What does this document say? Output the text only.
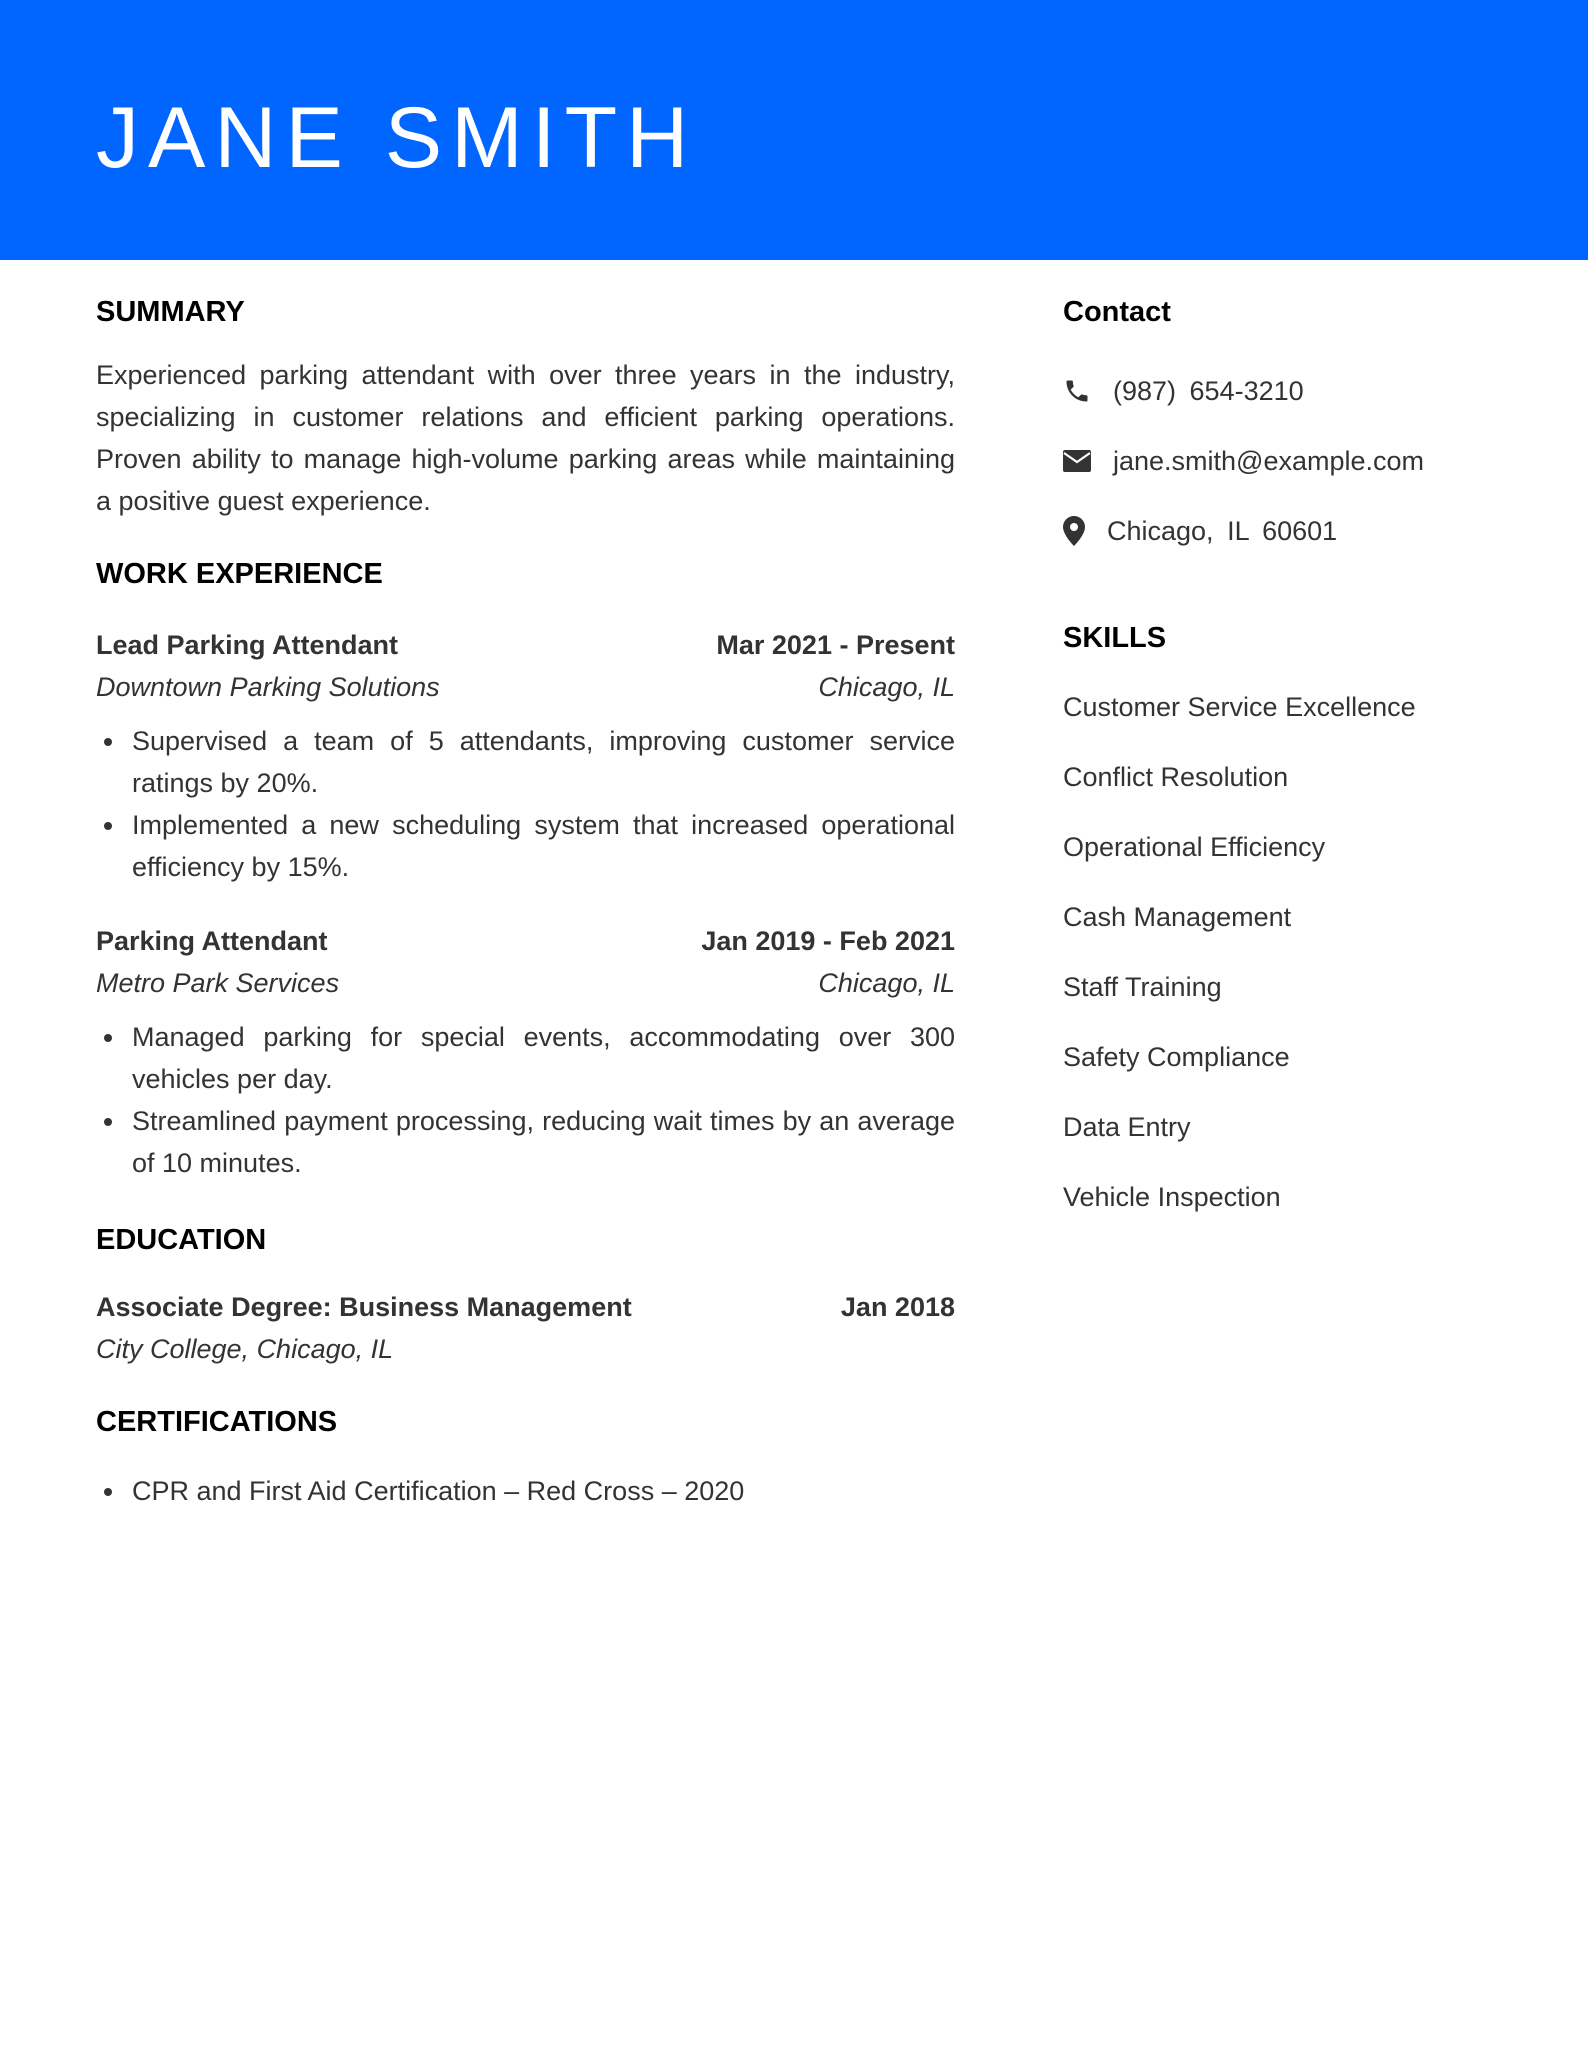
JANE SMITH
SUMMARY

Experienced parking attendant with over three years in the industry, specializing in customer relations and efficient parking operations. Proven ability to manage high-volume parking areas while maintaining a positive guest experience.

WORK EXPERIENCE
Lead Parking Attendant	Mar 2021 - Present
Downtown Parking Solutions	Chicago, IL
Supervised a team of 5 attendants, improving customer service ratings by 20%.
Implemented a new scheduling system that increased operational efficiency by 15%.
Parking Attendant	Jan 2019 - Feb 2021
Metro Park Services	Chicago, IL
Managed parking for special events, accommodating over 300 vehicles per day.
Streamlined payment processing, reducing wait times by an average of 10 minutes.
EDUCATION
Associate Degree: Business Management	Jan 2018
City College, Chicago, IL
CERTIFICATIONS
CPR and First Aid Certification – Red Cross – 2020
Contact
(987) 654-3210
jane.smith@example.com
Chicago, IL 60601
SKILLS
Customer Service Excellence
Conflict Resolution
Operational Efficiency
Cash Management
Staff Training
Safety Compliance
Data Entry
Vehicle Inspection
